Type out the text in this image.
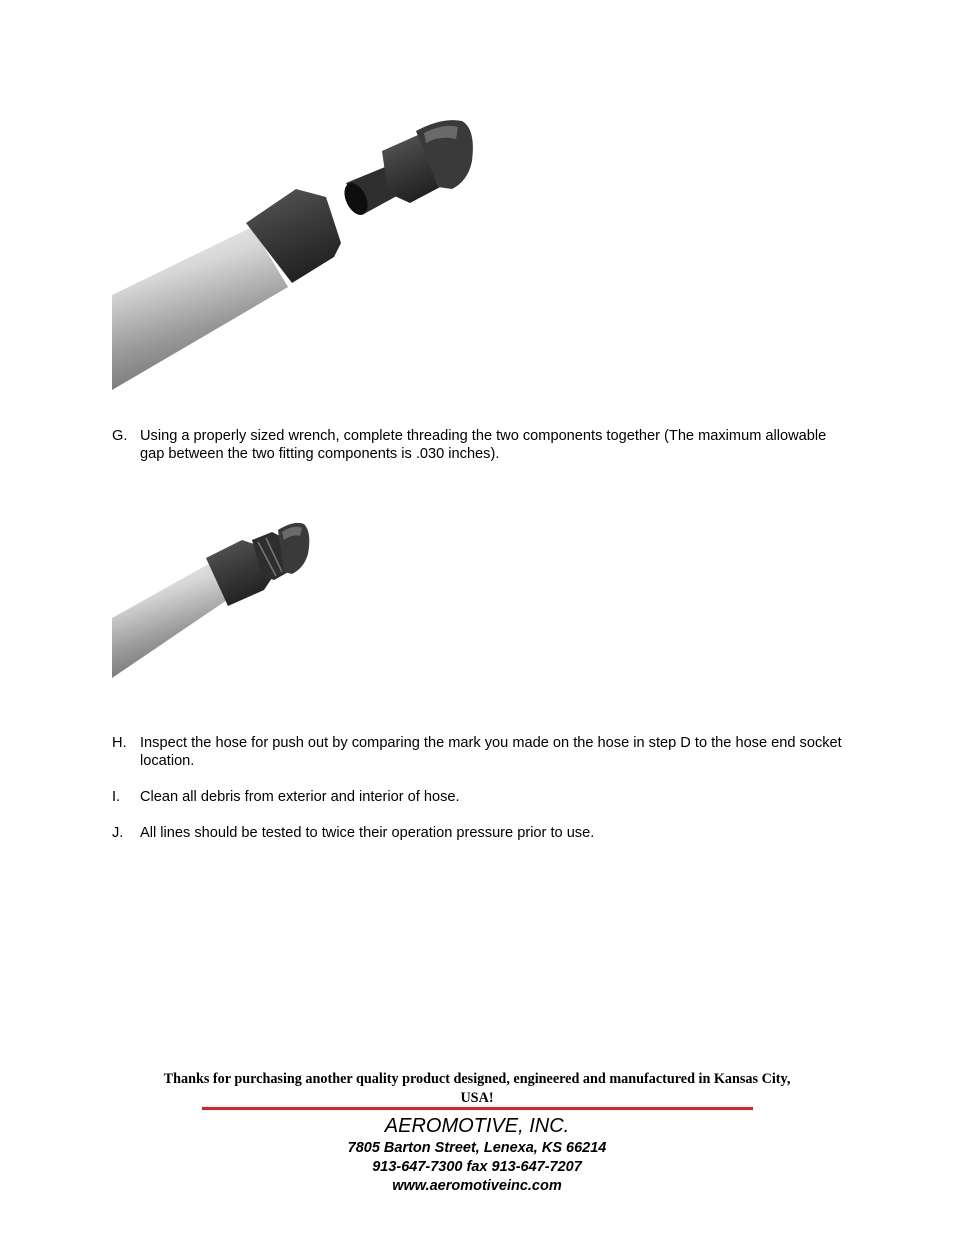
G. Using a properly sized wrench, complete threading the two components together (The maximum allowable gap between the two fitting components is .030 inches).
H. Inspect the hose for push out by comparing the mark you made on the hose in step D to the hose end socket location.
I. Clean all debris from exterior and interior of hose.
J. All lines should be tested to twice their operation pressure prior to use.
Thanks for purchasing another quality product designed, engineered and manufactured in Kansas City, USA!
AEROMOTIVE, INC.
7805 Barton Street, Lenexa, KS 66214
913-647-7300 fax 913-647-7207
www.aeromotiveinc.com
